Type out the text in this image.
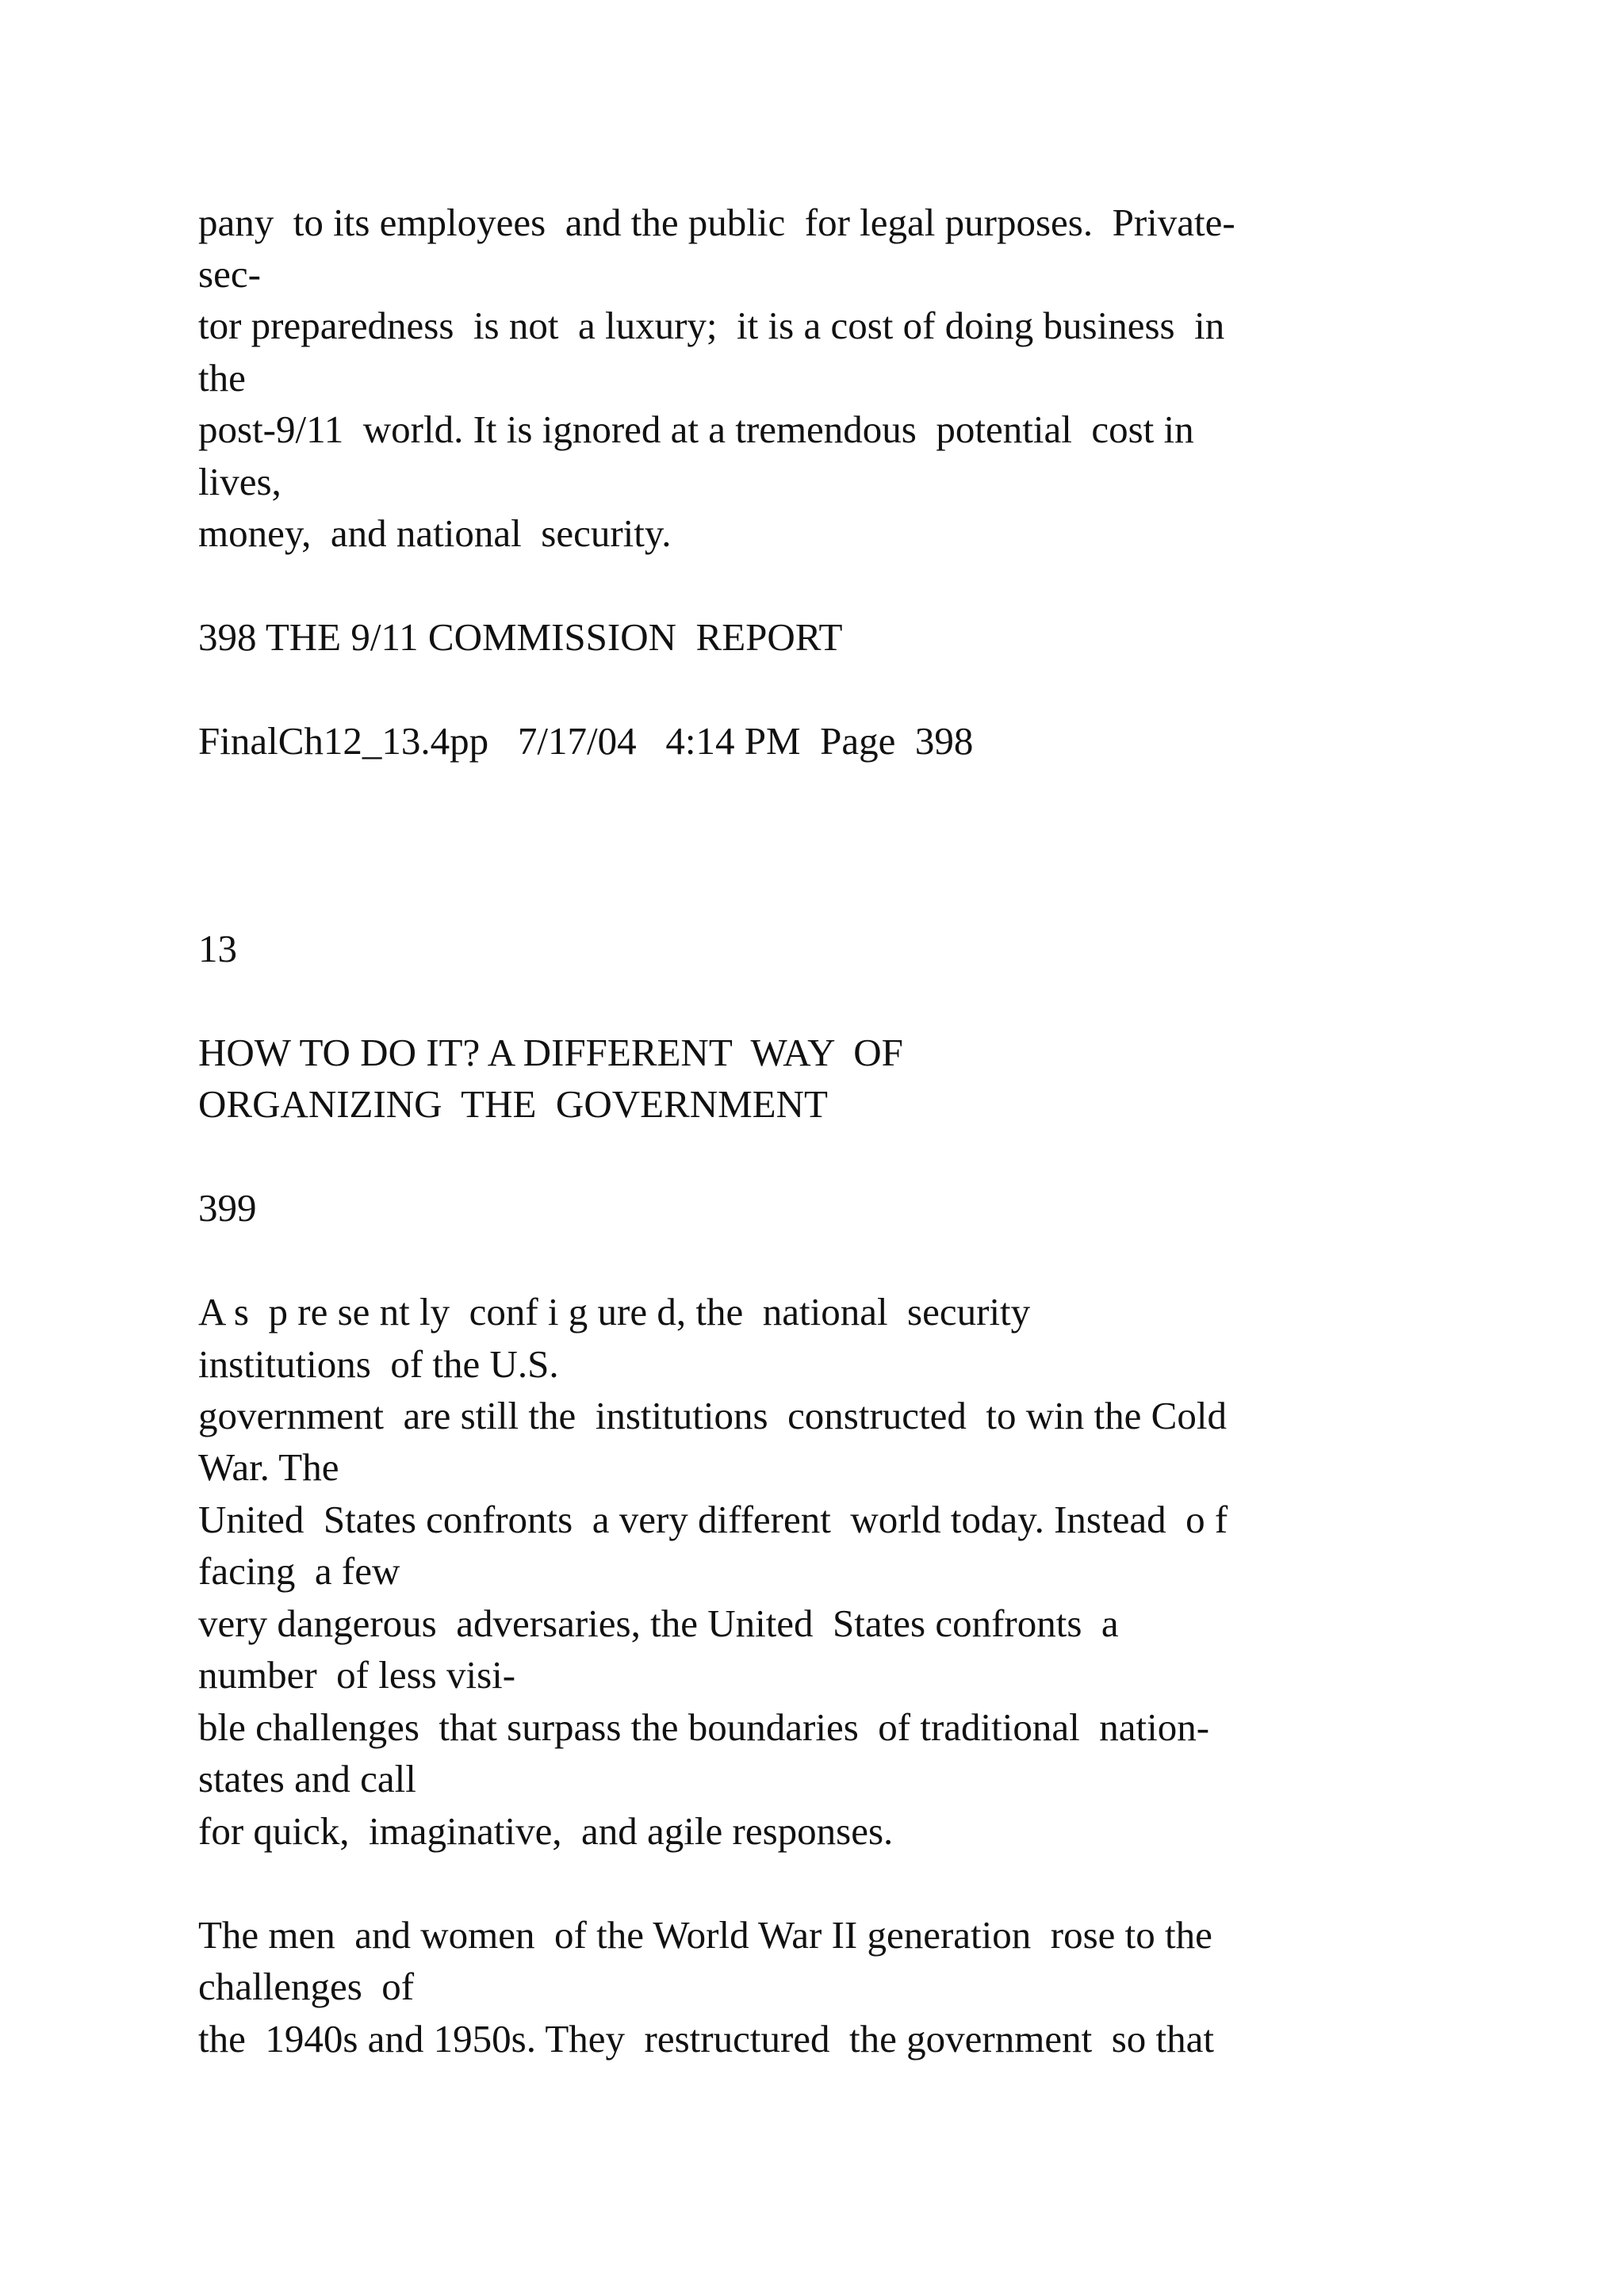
pany  to its employees  and the public  for legal purposes.  Private-

sec-

tor preparedness  is not  a luxury;  it is a cost of doing business  in

the

post-9/11  world. It is ignored at a tremendous  potential  cost in

lives,

money,  and national  security.

398 THE 9/11 COMMISSION  REPORT

FinalCh12_13.4pp   7/17/04   4:14 PM  Page  398

13

HOW TO DO IT? A DIFFERENT  WAY  OF

ORGANIZING  THE  GOVERNMENT

399

A s  p re se nt ly  conf i g ure d, the  national  security

institutions  of the U.S.

government  are still the  institutions  constructed  to win the Cold

War. The

United  States confronts  a very different  world today. Instead  o f

facing  a few

very dangerous  adversaries, the United  States confronts  a

number  of less visi-

ble challenges  that surpass the boundaries  of traditional  nation-

states and call

for quick,  imaginative,  and agile responses.

The men  and women  of the World War II generation  rose to the

challenges  of

the  1940s and 1950s. They  restructured  the government  so that
